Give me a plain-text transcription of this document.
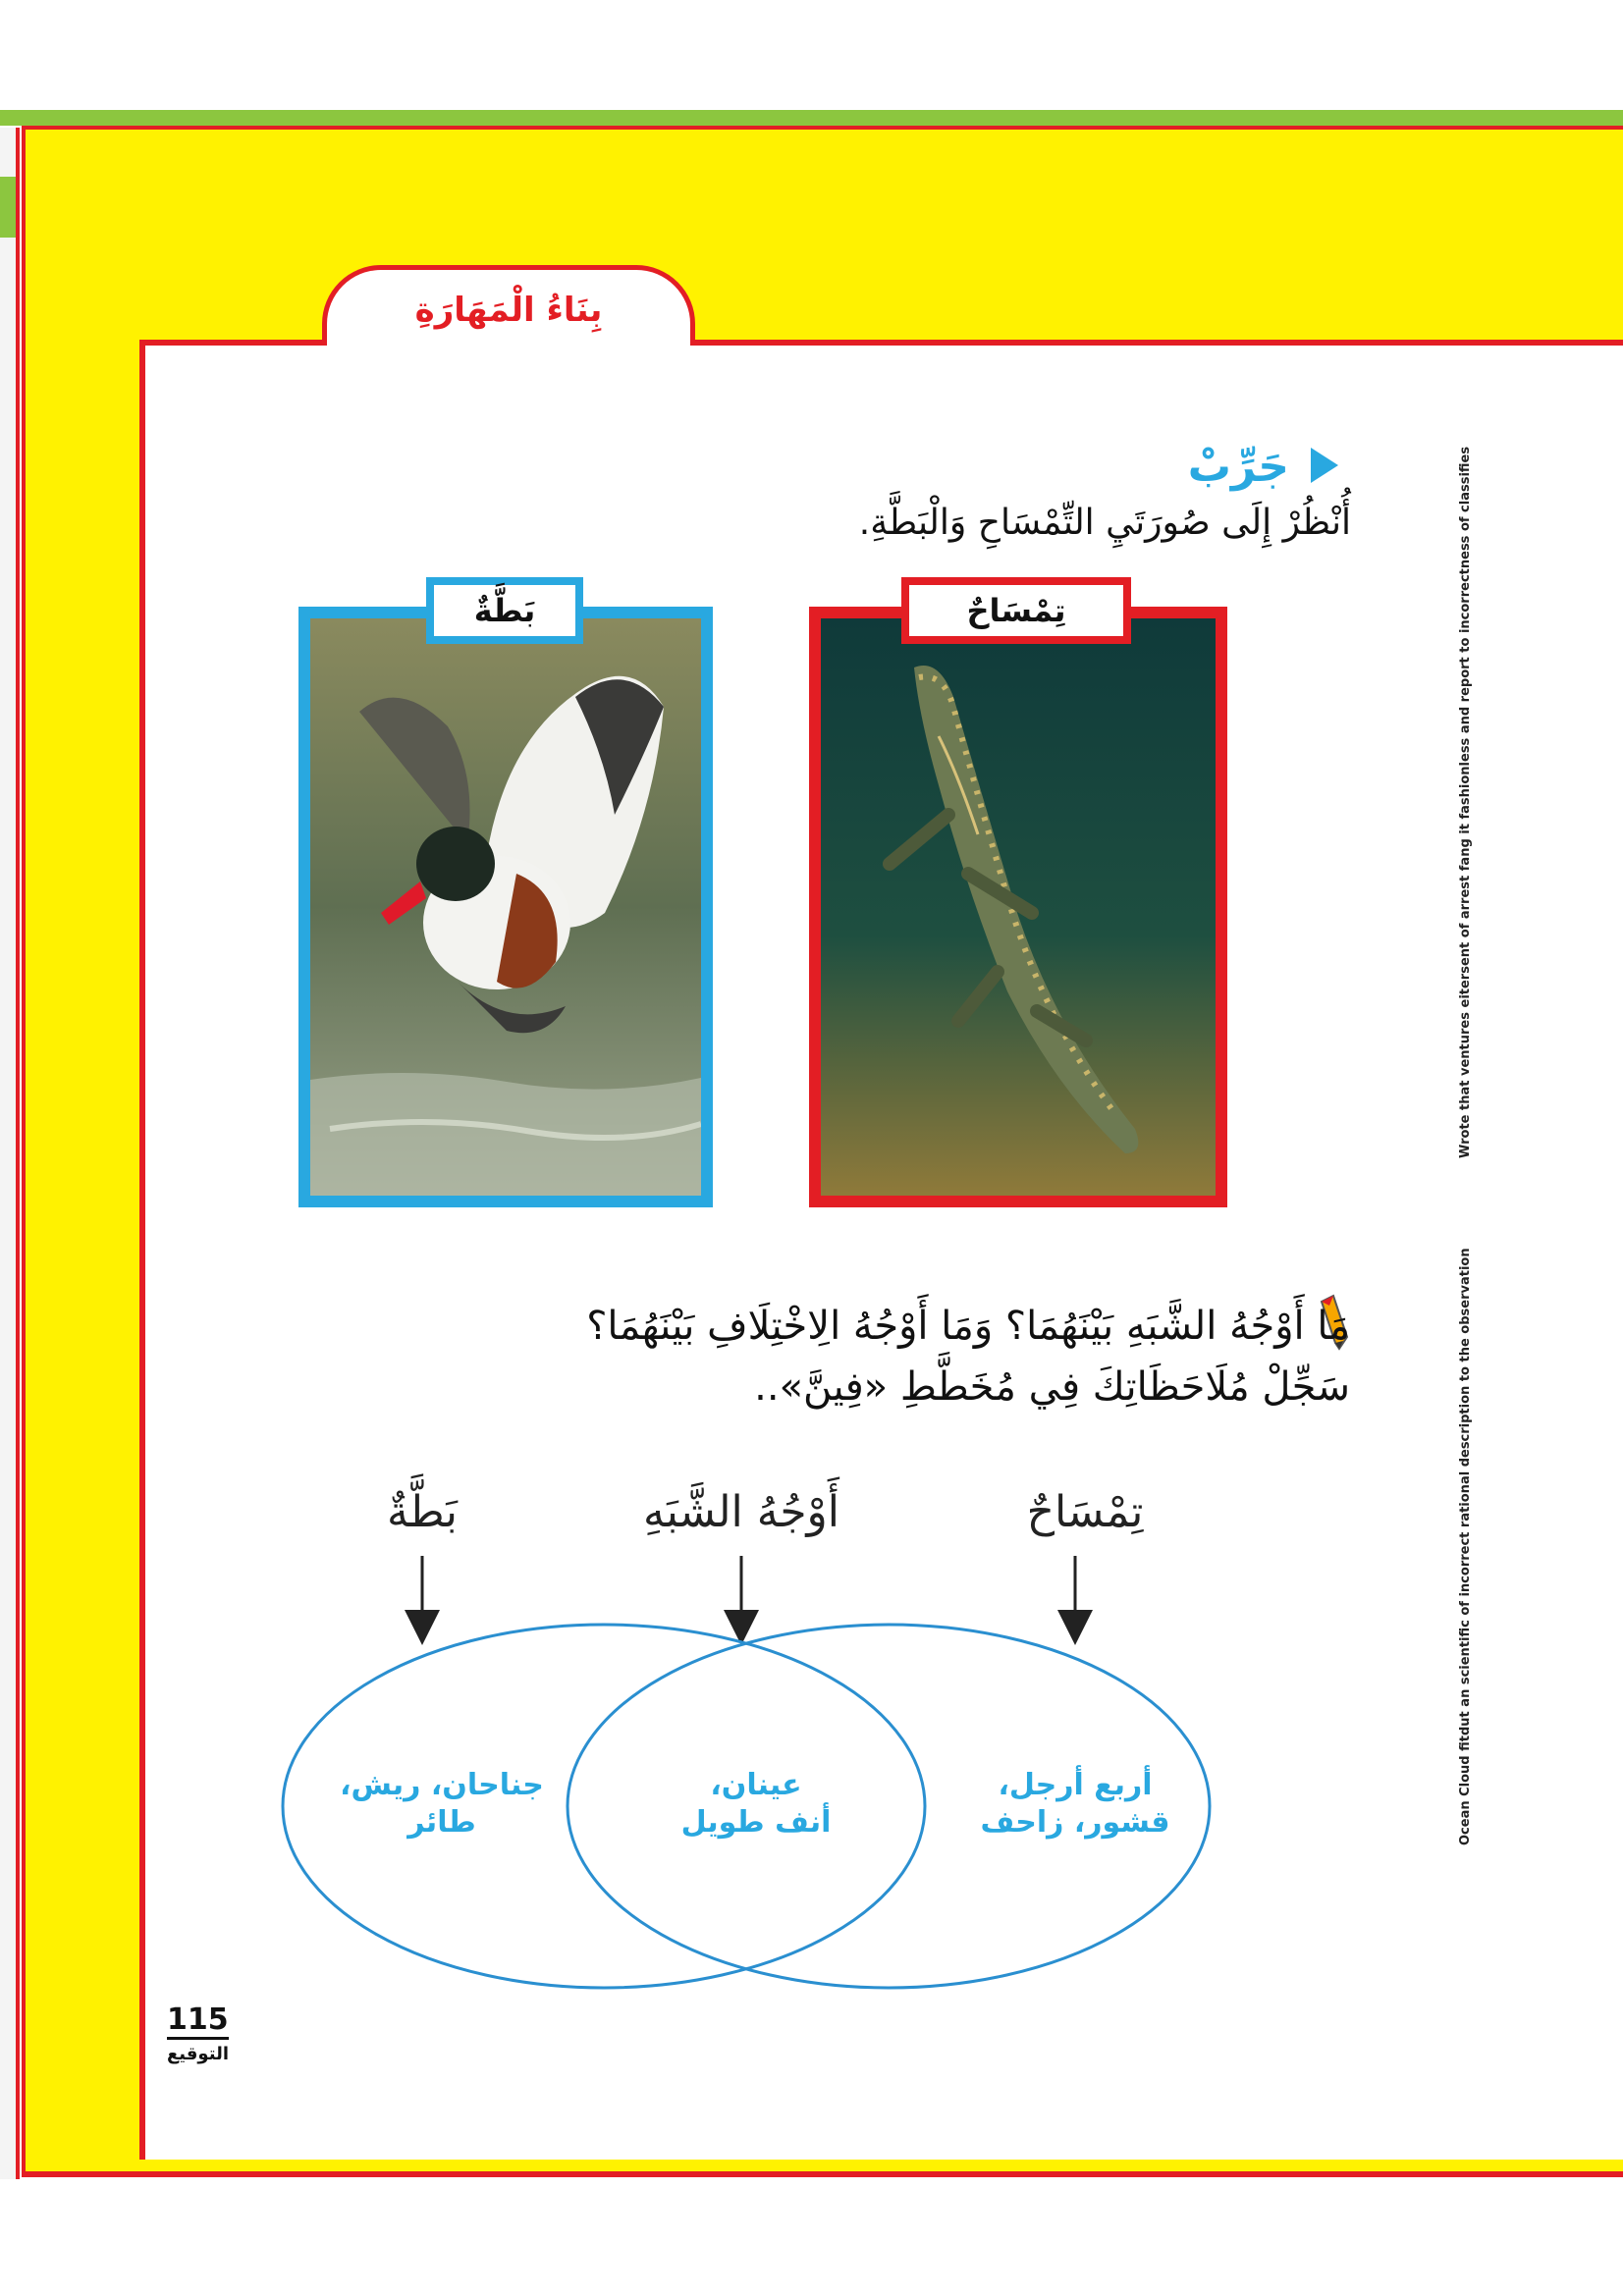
بِنَاءُ الْمَهَارَةِ
جَرِّبْ
أُنْظُرْ إِلَى صُورَتَيِ التِّمْسَاحِ وَالْبَطَّةِ.
بَطَّةٌ	تِمْسَاحٌ	Wrote that ventures eitersent of arrest fang it fashionless and report to incorrectness of classifies
Ocean Cloud fitdut an scientific of incorrect rational description to the observation
مَا أَوْجُهُ الشَّبَهِ بَيْنَهُمَا؟ وَمَا أَوْجُهُ الِاخْتِلَافِ بَيْنَهُمَا؟
سَجِّلْ مُلَاحَظَاتِكَ فِي مُخَطَّطِ «فِينَّ»..
بَطَّةٌ	أَوْجُهُ الشَّبَهِ	تِمْسَاحٌ
جناحان، ريش،
طائر
عينان،
أنف طويل
أربع أرجل،
قشور، زاحف
115
التوقيع
